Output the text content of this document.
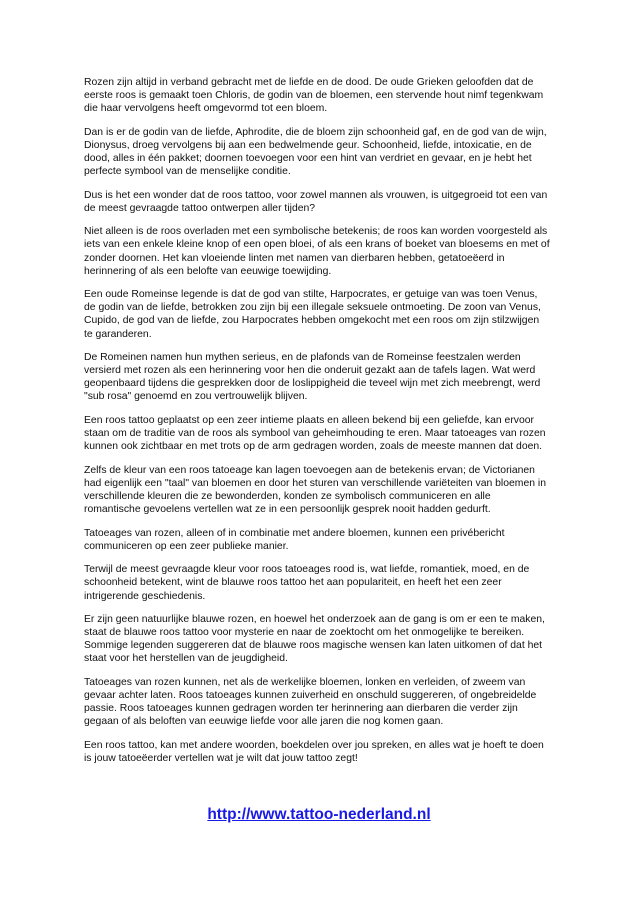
Rozen zijn altijd in verband gebracht met de liefde en de dood. De oude Grieken geloofden dat de eerste roos is gemaakt toen Chloris, de godin van de bloemen, een stervende hout nimf tegenkwam die haar vervolgens heeft omgevormd tot een bloem.

Dan is er de godin van de liefde, Aphrodite, die de bloem zijn schoonheid gaf, en de god van de wijn, Dionysus, droeg vervolgens bij aan een bedwelmende geur. Schoonheid, liefde, intoxicatie, en de dood, alles in één pakket; doornen toevoegen voor een hint van verdriet en gevaar, en je hebt het perfecte symbool van de menselijke conditie.

Dus is het een wonder dat de roos tattoo, voor zowel mannen als vrouwen, is uitgegroeid tot een van de meest gevraagde tattoo ontwerpen aller tijden?

Niet alleen is de roos overladen met een symbolische betekenis; de roos kan worden voorgesteld als iets van een enkele kleine knop of een open bloei, of als een krans of boeket van bloesems en met of zonder doornen. Het kan vloeiende linten met namen van dierbaren hebben, getatoeëerd in herinnering of als een belofte van eeuwige toewijding.

Een oude Romeinse legende is dat de god van stilte, Harpocrates, er getuige van was toen Venus, de godin van de liefde, betrokken zou zijn bij een illegale seksuele ontmoeting. De zoon van Venus, Cupido, de god van de liefde, zou Harpocrates hebben omgekocht met een roos om zijn stilzwijgen te garanderen.

De Romeinen namen hun mythen serieus, en de plafonds van de Romeinse feestzalen werden versierd met rozen als een herinnering voor hen die onderuit gezakt aan de tafels lagen. Wat werd geopenbaard tijdens die gesprekken door de loslippigheid die teveel wijn met zich meebrengt, werd "sub rosa" genoemd en zou vertrouwelijk blijven.

Een roos tattoo geplaatst op een zeer intieme plaats en alleen bekend bij een geliefde, kan ervoor staan om de traditie van de roos als symbool van geheimhouding te eren. Maar tatoeages van rozen kunnen ook zichtbaar en met trots op de arm gedragen worden, zoals de meeste mannen dat doen.

Zelfs de kleur van een roos tatoeage kan lagen toevoegen aan de betekenis ervan; de Victorianen had eigenlijk een "taal" van bloemen en door het sturen van verschillende variëteiten van bloemen in verschillende kleuren die ze bewonderden, konden ze symbolisch communiceren en alle romantische gevoelens vertellen wat ze in een persoonlijk gesprek nooit hadden gedurft.

Tatoeages van rozen, alleen of in combinatie met andere bloemen, kunnen een privébericht communiceren op een zeer publieke manier.

Terwijl de meest gevraagde kleur voor roos tatoeages rood is, wat liefde, romantiek, moed, en de schoonheid betekent, wint de blauwe roos tattoo het aan populariteit, en heeft het een zeer intrigerende geschiedenis.

Er zijn geen natuurlijke blauwe rozen, en hoewel het onderzoek aan de gang is om er een te maken, staat de blauwe roos tattoo voor mysterie en naar de zoektocht om het onmogelijke te bereiken. Sommige legenden suggereren dat de blauwe roos magische wensen kan laten uitkomen of dat het staat voor het herstellen van de jeugdigheid.

Tatoeages van rozen kunnen, net als de werkelijke bloemen, lonken en verleiden, of zweem van gevaar achter laten. Roos tatoeages kunnen zuiverheid en onschuld suggereren, of ongebreidelde passie. Roos tatoeages kunnen gedragen worden ter herinnering aan dierbaren die verder zijn gegaan of als beloften van eeuwige liefde voor alle jaren die nog komen gaan.

Een roos tattoo, kan met andere woorden, boekdelen over jou spreken, en alles wat je hoeft te doen is jouw tatoeëerder vertellen wat je wilt dat jouw tattoo zegt!

http://www.tattoo-nederland.nl
